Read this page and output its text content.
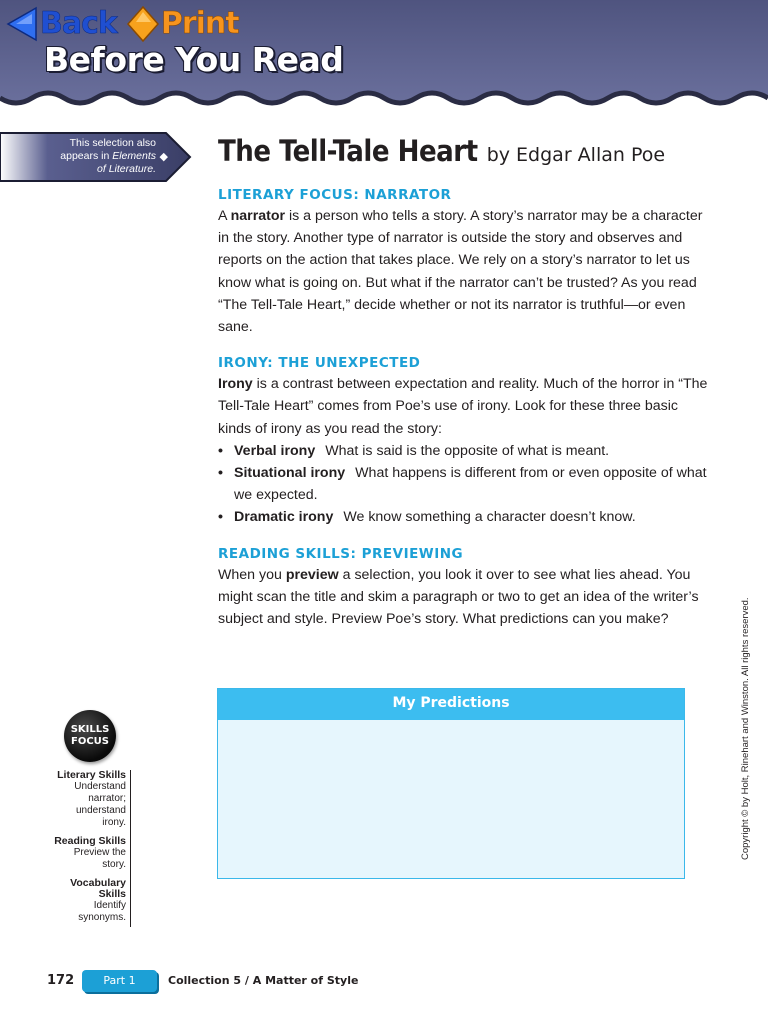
Back Print
Before You Read
This selection also
appears in Elements
of Literature.
◆ The Tell-Tale Heart by Edgar Allan Poe
LITERARY FOCUS: NARRATOR

A narrator is a person who tells a story. A story’s narrator may be a character in the story. Another type of narrator is outside the story and observes and reports on the action that takes place. We rely on a story’s narrator to let us know what is going on. But what if the narrator can’t be trusted? As you read “The Tell-Tale Heart,” decide whether or not its narrator is truthful—or even sane.

IRONY: THE UNEXPECTED

Irony is a contrast between expectation and reality. Much of the horror in “The Tell-Tale Heart” comes from Poe’s use of irony. Look for these three basic kinds of irony as you read the story:

• Verbal irony What is said is the opposite of what is meant.
• Situational irony What happens is different from or even opposite of what we expected.
• Dramatic irony We know something a character doesn’t know.
READING SKILLS: PREVIEWING

When you preview a selection, you look it over to see what lies ahead. You might scan the title and skim a paragraph or two to get an idea of the writer’s subject and style. Preview Poe’s story. What predictions can you make?

My Predictions
SKILLS
FOCUS
Literary Skills
Understand
narrator;
understand
irony.
Reading Skills
Preview the
story.
Vocabulary
Skills
Identify
synonyms.
172	Part 1	Collection 5 / A Matter of Style
Copyright © by Holt, Rinehart and Winston. All rights reserved.
